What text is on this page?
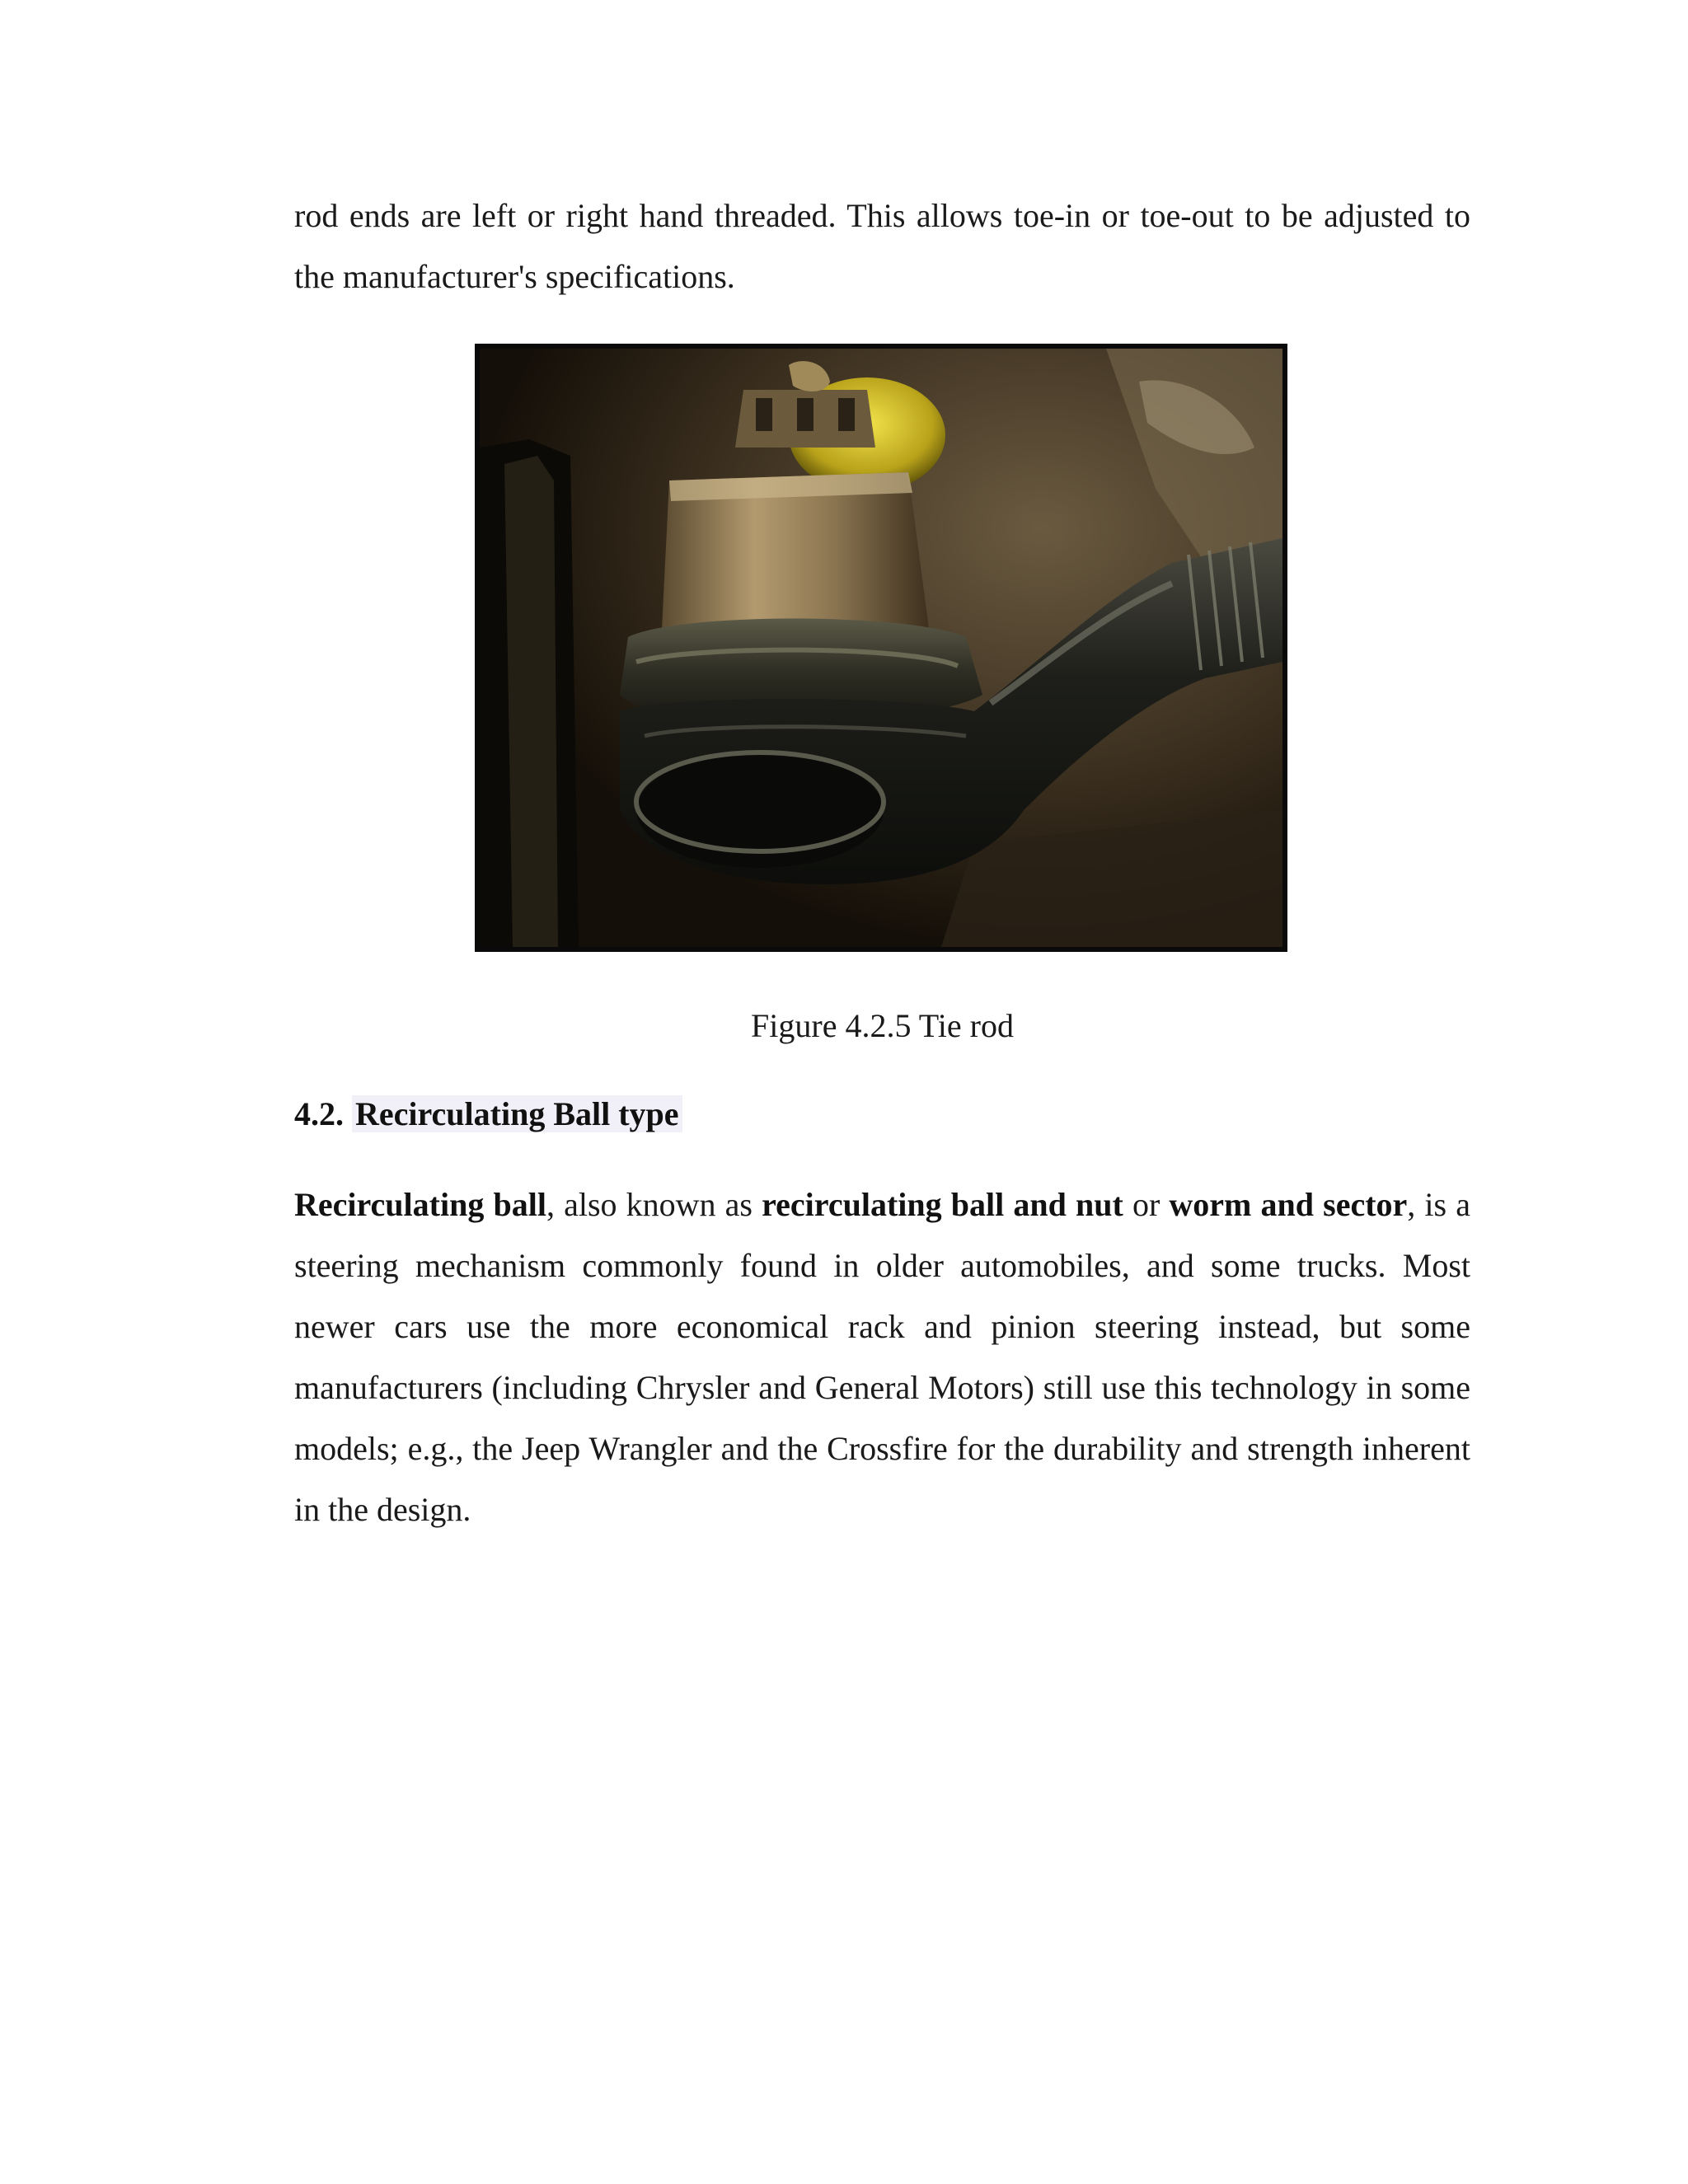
rod ends are left or right hand threaded. This allows toe-in or toe-out to be adjusted to the manufacturer's specifications.

Figure 4.2.5 Tie rod
4.2. Recirculating Ball type

Recirculating ball, also known as recirculating ball and nut or worm and sector, is a steering mechanism commonly found in older automobiles, and some trucks. Most newer cars use the more economical rack and pinion steering instead, but some manufacturers (including Chrysler and General Motors) still use this technology in some models; e.g., the Jeep Wrangler and the Crossfire for the durability and strength inherent in the design.
